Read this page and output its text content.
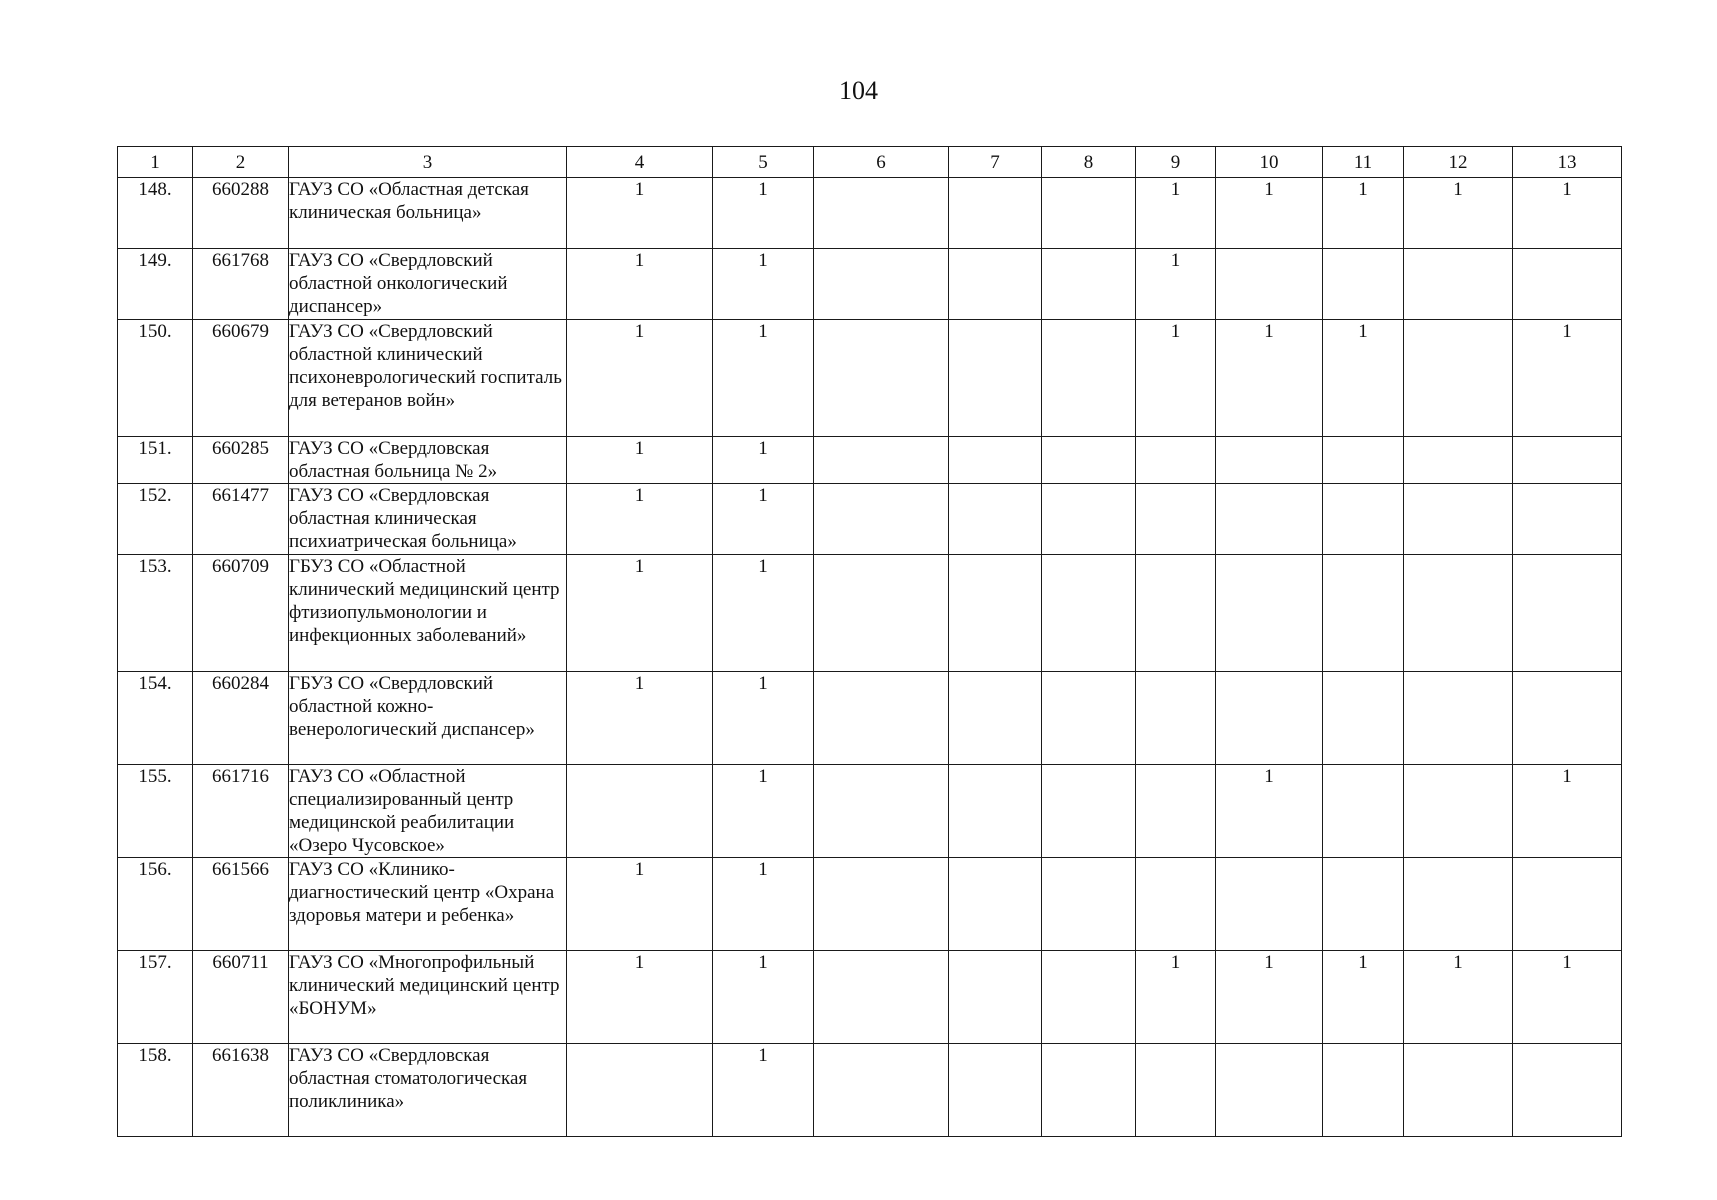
104
1	2	3	4	5	6	7	8	9	10	11	12	13
148.	660288	ГАУЗ СО «Областная детская клиническая больница»	1	1				1	1	1	1	1
149.	661768	ГАУЗ СО «Свердловский областной онкологический диспансер»	1	1				1				
150.	660679	ГАУЗ СО «Свердловский областной клинический психоневрологический госпиталь для ветеранов войн»	1	1				1	1	1		1
151.	660285	ГАУЗ СО «Свердловская областная больница № 2»	1	1								
152.	661477	ГАУЗ СО «Свердловская областная клиническая психиатрическая больница»	1	1								
153.	660709	ГБУЗ СО «Областной клинический медицинский центр фтизиопульмонологии и инфекционных заболеваний»	1	1								
154.	660284	ГБУЗ СО «Свердловский областной кожно-венерологический диспансер»	1	1								
155.	661716	ГАУЗ СО «Областной специализированный центр медицинской реабилитации «Озеро Чусовское»		1					1			1
156.	661566	ГАУЗ СО «Клинико-диагностический центр «Охрана здоровья матери и ребенка»	1	1								
157.	660711	ГАУЗ СО «Многопрофильный клинический медицинский центр «БОНУМ»	1	1				1	1	1	1	1
158.	661638	ГАУЗ СО «Свердловская областная стоматологическая поликлиника»		1								
